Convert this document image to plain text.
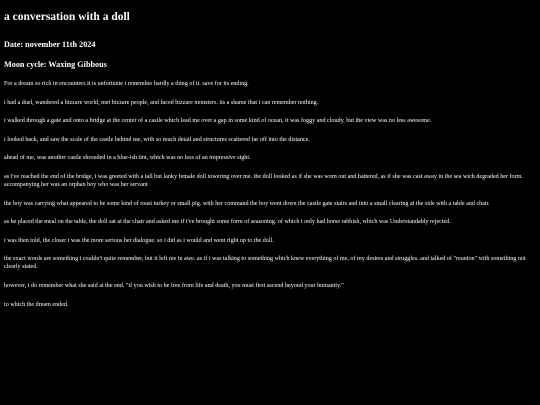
a conversation with a doll
Date: november 11th 2024
Moon cycle: Waxing Gibbous

For a dream so rich in encounters it is unfortunte i remember hardly a thing of it. save for its ending.

i had a duel, wandered a bizzare world, met bizzare people, and faced bizzare monsters. its a shame that i can remember nothing.

i walked through a gate and onto a bridge at the center of a castle which lead me over a gap in some kind of ocean, it was foggy and cloudy, but the view was no less awesome.

i looked back, and saw the scale of the castle behind me, with so much detail and structures scattered far off into the distance.

ahead of me, was another castle shrouded in a blue-ish tint, which was no less of an impressive sight.

as i've reached the end of the bridge, i was greeted with a tall but lanky female doll towering over me. the doll looked as if she was worn out and battered, as if she was cast away in the sea wich degraded her form. accompanying her was an orphan boy who was her servant

the boy was carrying what appeared to be some kind of roast turkey or small pig. with her command the boy went down the castle gate stairs and into a small clearing at the side with a table and chair.

as he placed the meal on the table, the doll sat at the chair and asked me if i've brought some form of seasoning. of which i only had horse rabbish, which was Understandably rejected.

i was then told, the closer i was the more serious her dialogue. so i did as i would and went right up to the doll.

the exact words are something i couldn't quite remember, but it left me in awe. as if i was talking to something which knew everything of me, of my desires and struggles. and talked of "reunion" with something not clearly stated.

however, i do remember what she said at the end. "if you wish to be free from life and death, you must first ascend beyond your humanity."

to which the dream ended.
